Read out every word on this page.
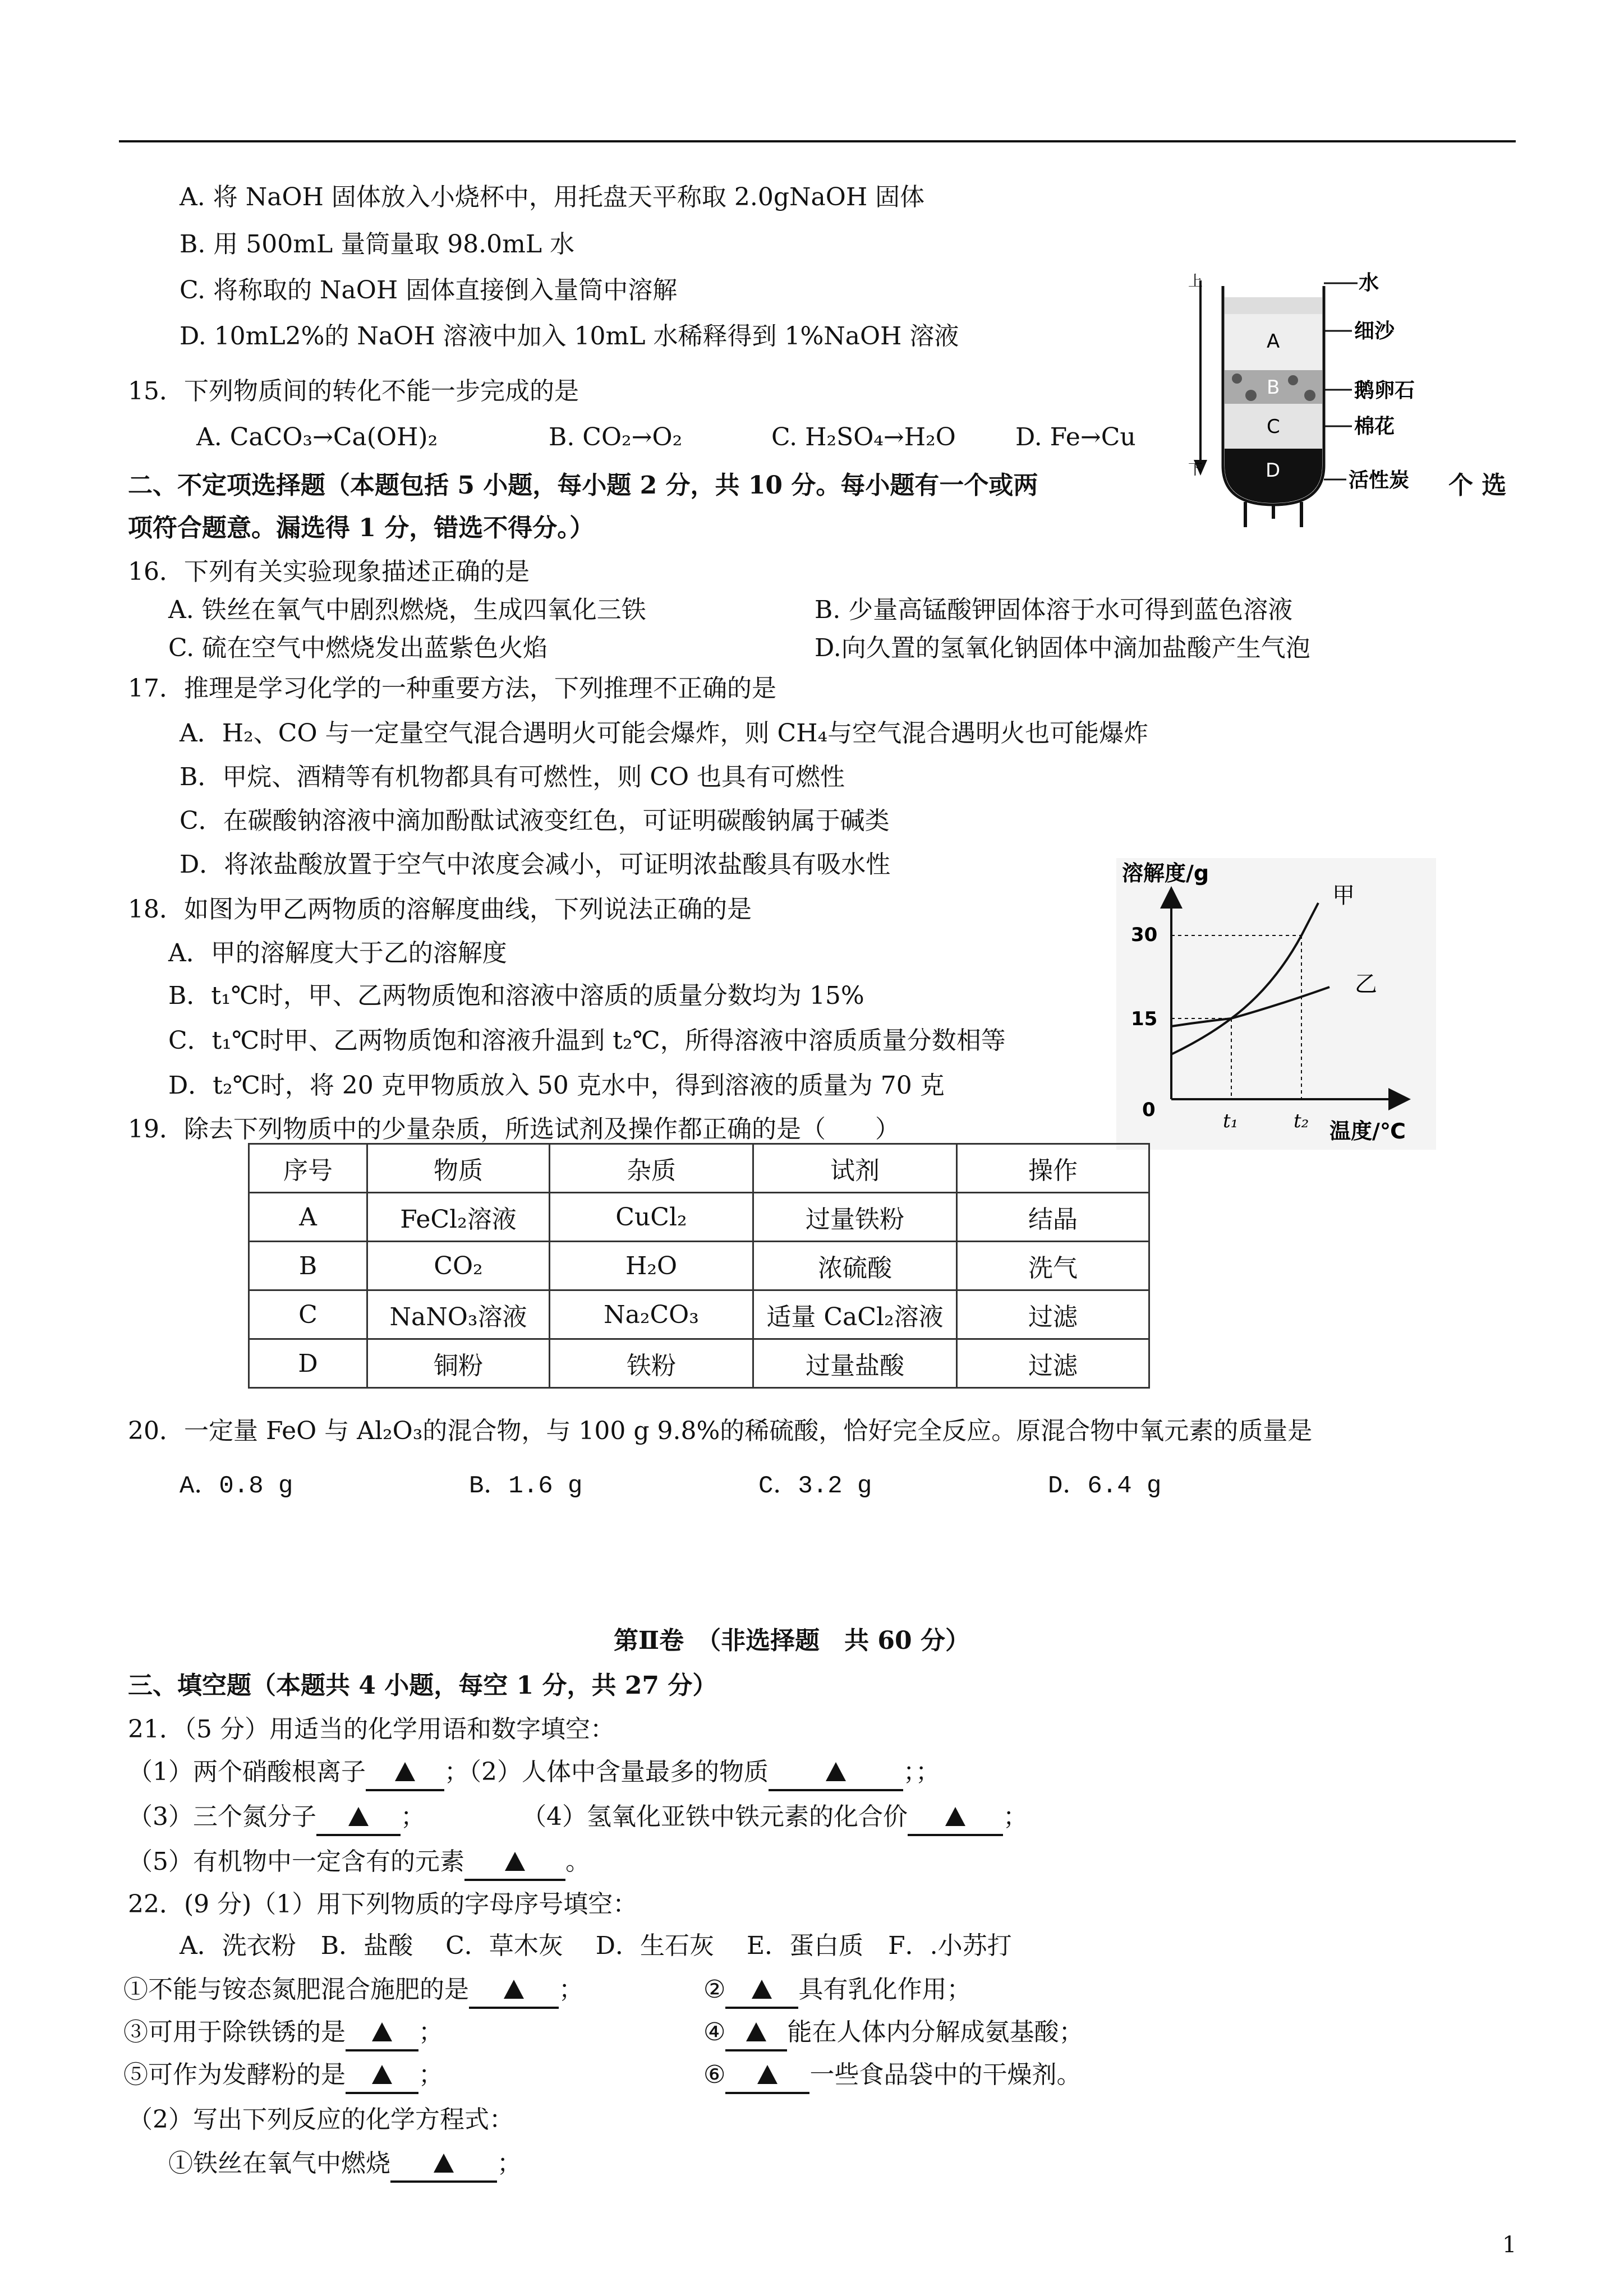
A. 将 NaOH 固体放入小烧杯中，用托盘天平称取 2.0gNaOH 固体
B. 用 500mL 量筒量取 98.0mL 水
C. 将称取的 NaOH 固体直接倒入量筒中溶解
D. 10mL2%的 NaOH 溶液中加入 10mL 水稀释得到 1%NaOH 溶液
上
下
A
B
C
D
水
细沙
鹅卵石
棉花
活性炭
15．下列物质间的转化不能一步完成的是
A. CaCO₃→Ca(OH)₂	B. CO₂→O₂	C. H₂SO₄→H₂O D. Fe→Cu
二、不定项选择题（本题包括 5 小题，每小题 2 分，共 10 分。每小题有一个或两	个 选
项符合题意。漏选得 1 分，错选不得分。）
16．下列有关实验现象描述正确的是
A. 铁丝在氧气中剧烈燃烧，生成四氧化三铁	B. 少量高锰酸钾固体溶于水可得到蓝色溶液
C. 硫在空气中燃烧发出蓝紫色火焰	D.向久置的氢氧化钠固体中滴加盐酸产生气泡
17．推理是学习化学的一种重要方法，下列推理不正确的是
A．H₂、CO 与一定量空气混合遇明火可能会爆炸，则 CH₄与空气混合遇明火也可能爆炸
B．甲烷、酒精等有机物都具有可燃性，则 CO 也具有可燃性
C．在碳酸钠溶液中滴加酚酞试液变红色，可证明碳酸钠属于碱类
D．将浓盐酸放置于空气中浓度会减小，可证明浓盐酸具有吸水性	溶解度/g
30
15
0
甲
乙
t₁	t₂ 温度/℃
18．如图为甲乙两物质的溶解度曲线，下列说法正确的是
A．甲的溶解度大于乙的溶解度
B．t₁℃时，甲、乙两物质饱和溶液中溶质的质量分数均为 15%
C．t₁℃时甲、乙两物质饱和溶液升温到 t₂℃，所得溶液中溶质质量分数相等
D．t₂℃时，将 20 克甲物质放入 50 克水中，得到溶液的质量为 70 克
19．除去下列物质中的少量杂质，所选试剂及操作都正确的是（　　）
序号	物质	杂质	试剂	操作
A	FeCl₂溶液	CuCl₂	过量铁粉	结晶
B	CO₂	H₂O	浓硫酸	洗气
C	NaNO₃溶液	Na₂CO₃	适量 CaCl₂溶液	过滤
D	铜粉	铁粉	过量盐酸	过滤
20．一定量 FeO 与 Al₂O₃的混合物，与 100 g 9.8%的稀硫酸，恰好完全反应。原混合物中氧元素的质量是
A．0.8 g	B．1.6 g	C．3.2 g	D．6.4 g
第Ⅱ卷　（非选择题　共 60 分）
三、填空题（本题共 4 小题，每空 1 分，共 27 分）
21．（5 分）用适当的化学用语和数字填空：
（1）两个硝酸根离子	；（2）人体中含量最多的物质	；；
（3）三个氮分子	；	（4）氢氧化亚铁中铁元素的化合价	；
（5）有机物中一定含有的元素	。
22．(9 分)（1）用下列物质的字母序号填空：
A．洗衣粉　B．盐酸　 C．草木灰　 D．生石灰　 E．蛋白质　F．.小苏打
①不能与铵态氮肥混合施肥的是	；	②	具有乳化作用；
③可用于除铁锈的是	；	④	能在人体内分解成氨基酸；
⑤可作为发酵粉的是	；	⑥	一些食品袋中的干燥剂。
（2）写出下列反应的化学方程式：
①铁丝在氧气中燃烧	；
1
